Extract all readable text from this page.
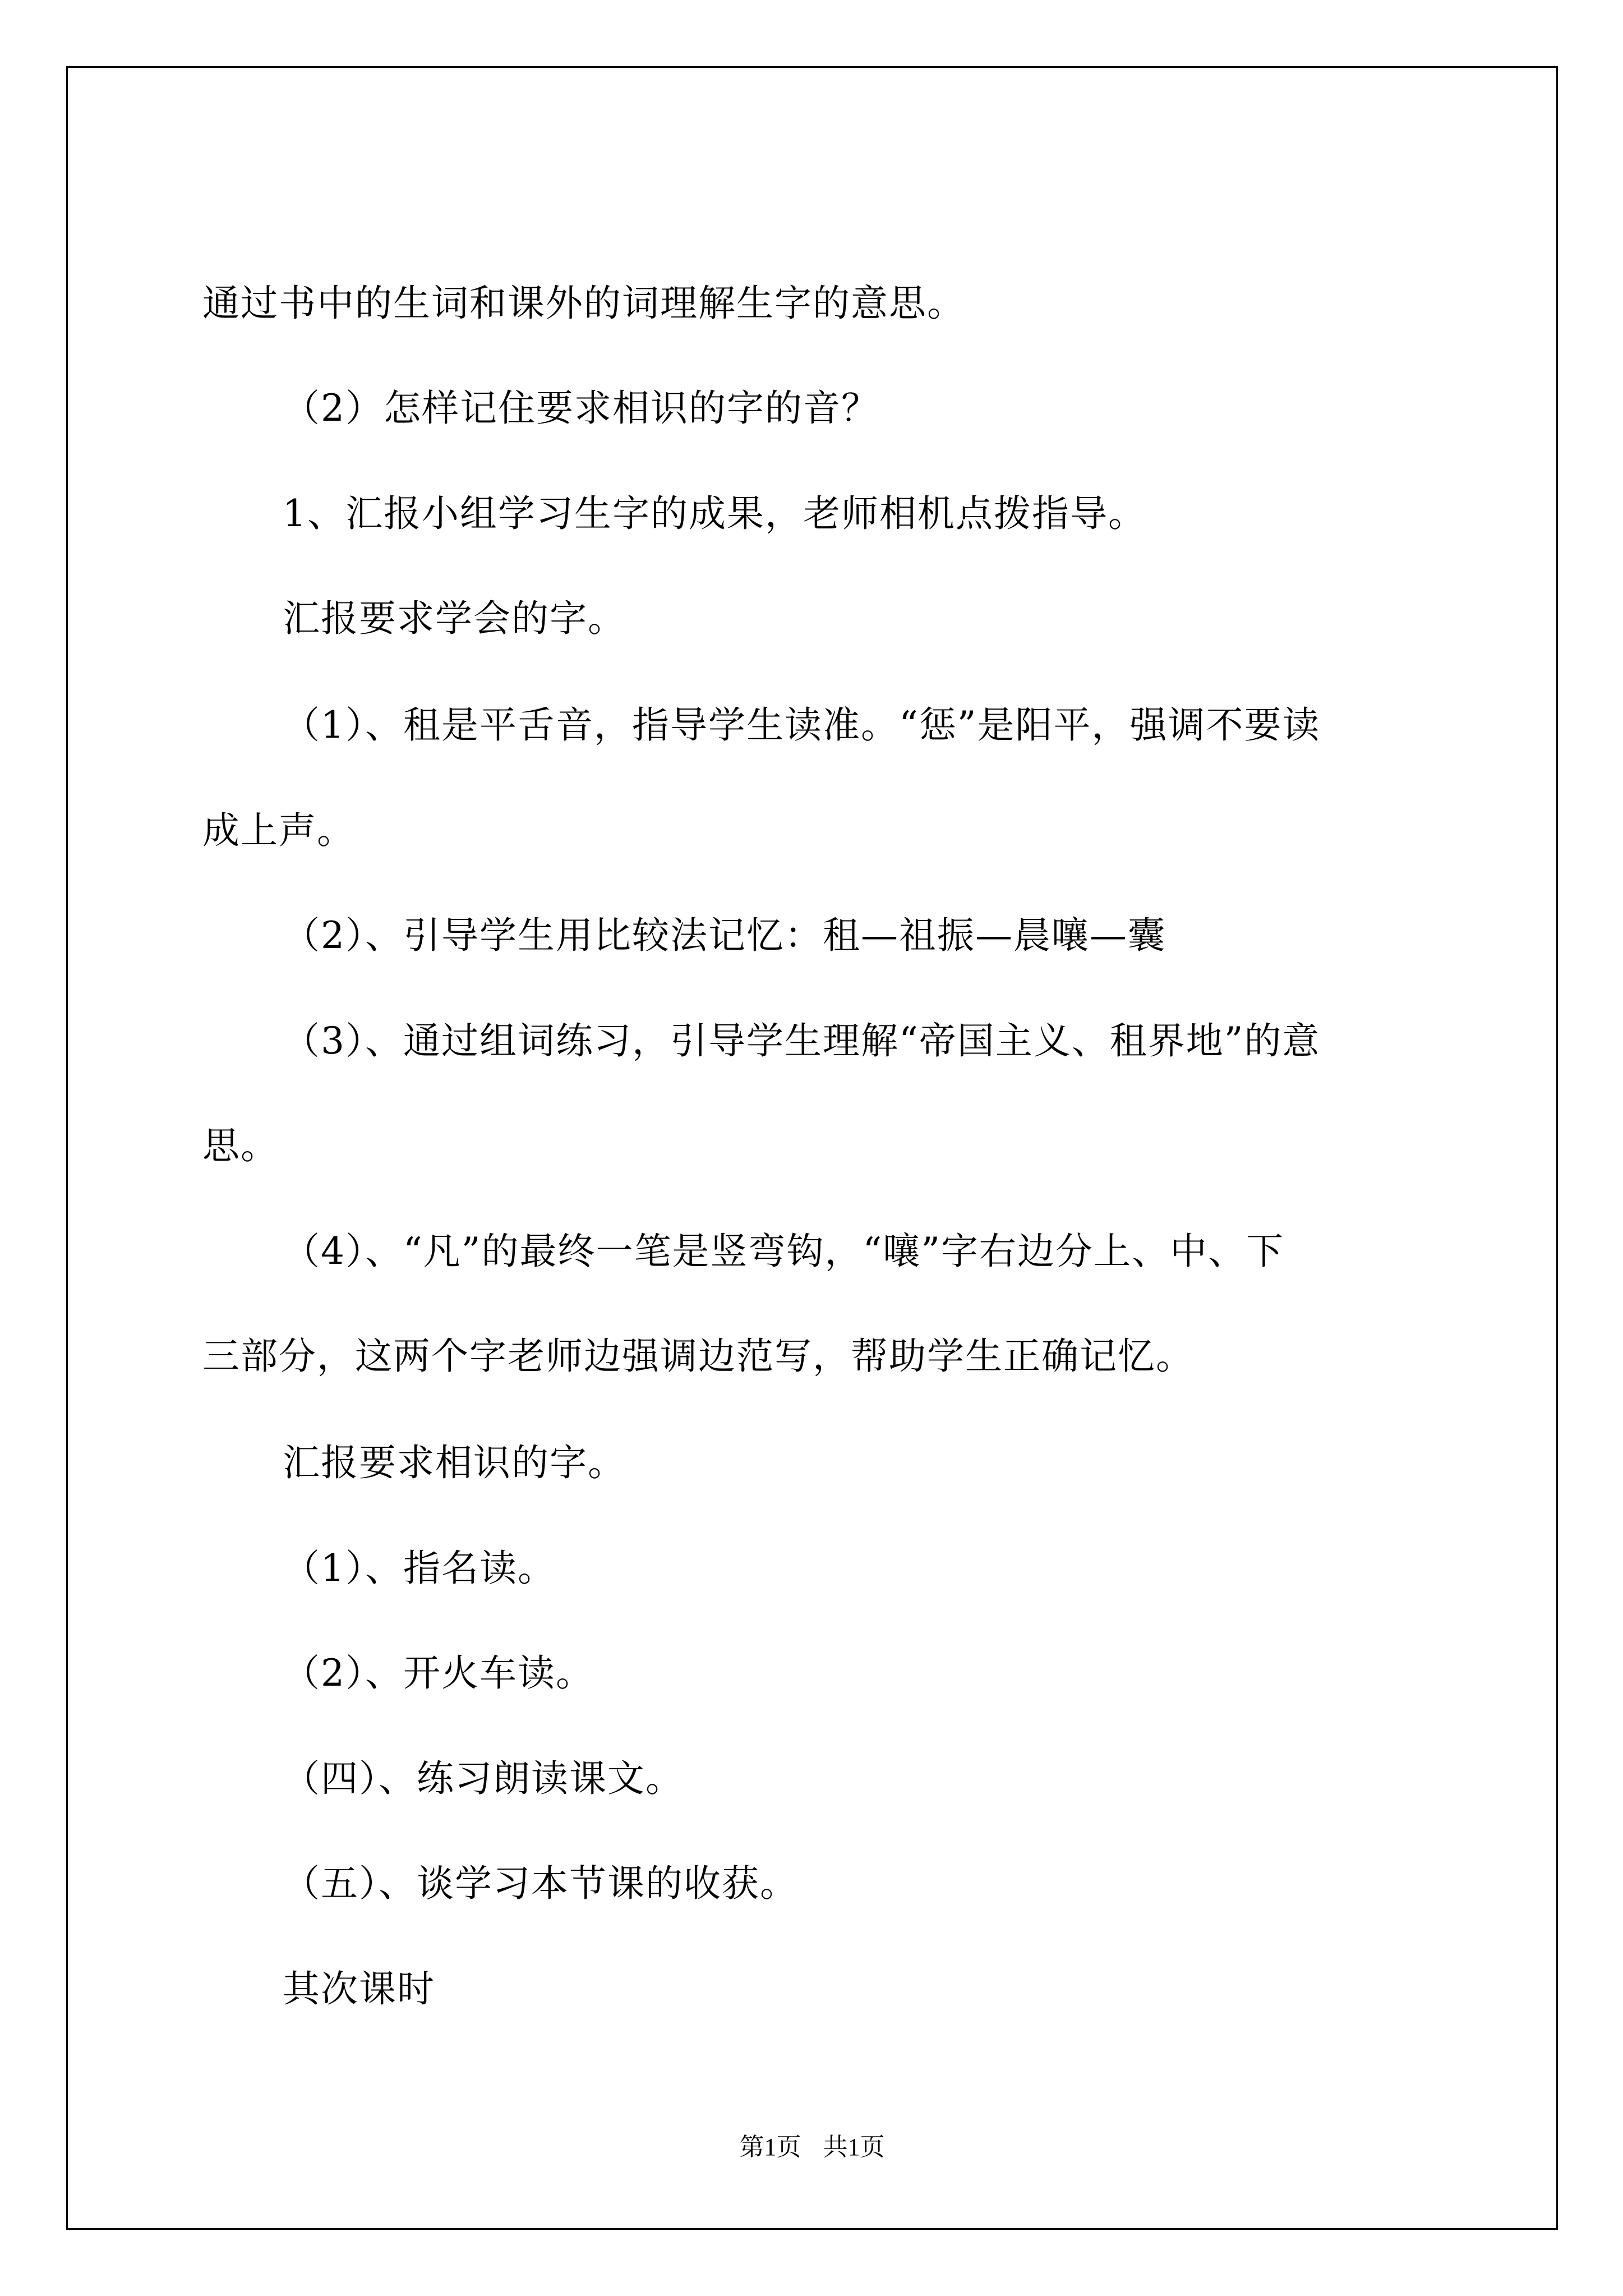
通过书中的生词和课外的词理解生字的意思。
（2）怎样记住要求相识的字的音？
1、汇报小组学习生字的成果，老师相机点拨指导。
汇报要求学会的字。
（1）、租是平舌音，指导学生读准。“惩”是阳平，强调不要读
成上声。
（2）、引导学生用比较法记忆：租—祖振—晨嚷—囊
（3）、通过组词练习，引导学生理解“帝国主义、租界地”的意
思。
（4）、“凡”的最终一笔是竖弯钩，“嚷”字右边分上、中、下
三部分，这两个字老师边强调边范写，帮助学生正确记忆。
汇报要求相识的字。
（1）、指名读。
（2）、开火车读。
（四）、练习朗读课文。
（五）、谈学习本节课的收获。
其次课时
第1页 共1页
